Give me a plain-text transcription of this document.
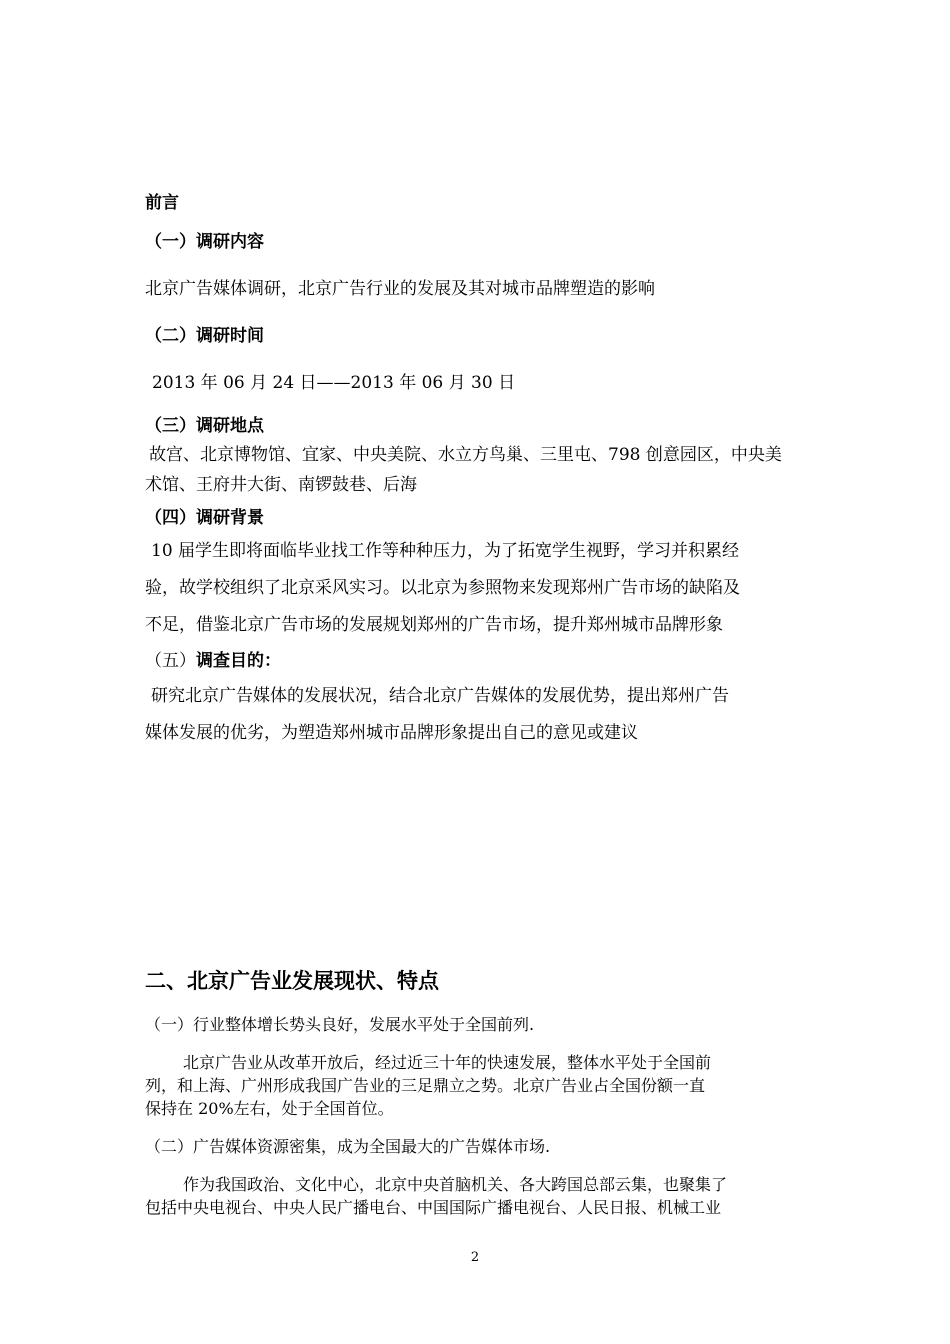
前言
（一）调研内容
北京广告媒体调研，北京广告行业的发展及其对城市品牌塑造的影响
（二）调研时间
2013 年 06 月 24 日——2013 年 06 月 30 日
（三）调研地点
故宫、北京博物馆、宜家、中央美院、水立方鸟巢、三里屯、798 创意园区，中央美
术馆、王府井大街、南锣鼓巷、后海
（四）调研背景
10 届学生即将面临毕业找工作等种种压力，为了拓宽学生视野，学习并积累经
验，故学校组织了北京采风实习。以北京为参照物来发现郑州广告市场的缺陷及
不足，借鉴北京广告市场的发展规划郑州的广告市场，提升郑州城市品牌形象
（五）调查目的：
研究北京广告媒体的发展状况，结合北京广告媒体的发展优势，提出郑州广告
媒体发展的优劣，为塑造郑州城市品牌形象提出自己的意见或建议
二、北京广告业发展现状、特点
（一）行业整体增长势头良好，发展水平处于全国前列.
北京广告业从改革开放后，经过近三十年的快速发展，整体水平处于全国前
列，和上海、广州形成我国广告业的三足鼎立之势。北京广告业占全国份额一直
保持在 20%左右，处于全国首位。
（二）广告媒体资源密集，成为全国最大的广告媒体市场.
作为我国政治、文化中心，北京中央首脑机关、各大跨国总部云集，也聚集了
包括中央电视台、中央人民广播电台、中国国际广播电视台、人民日报、机械工业
2
